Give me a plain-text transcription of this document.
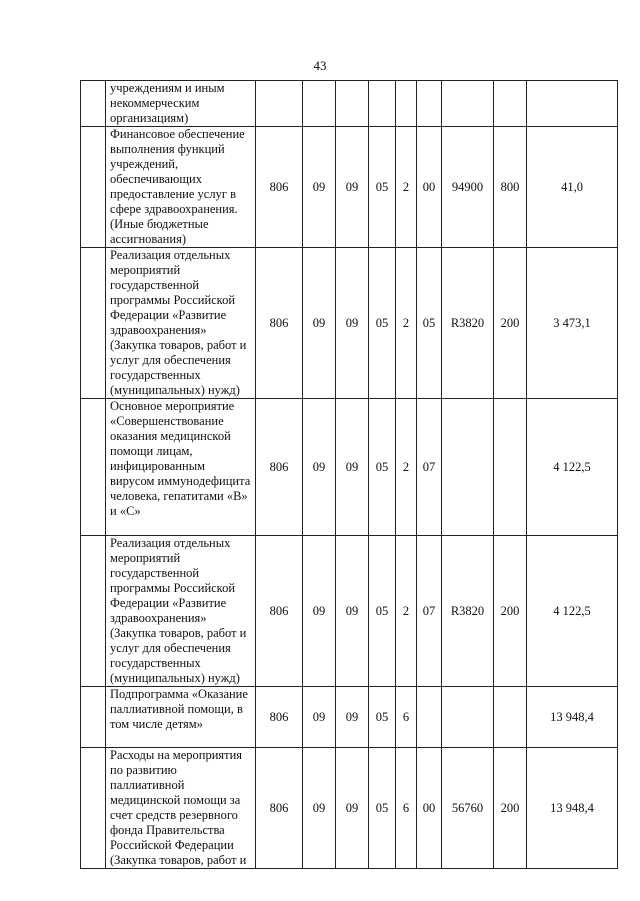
43
	учреждениям и иным некоммерческим организациям)									
	Финансовое обеспечение выполнения функций учреждений, обеспечивающих предоставление услуг в сфере здравоохранения. (Иные бюджетные ассигнования)	806	09	09	05	2	00	94900	800	41,0
	Реализация отдельных мероприятий государственной программы Российской Федерации «Развитие здравоохранения» (Закупка товаров, работ и услуг для обеспечения государственных (муниципальных) нужд)	806	09	09	05	2	05	R3820	200	3 473,1
	Основное мероприятие «Совершенствование оказания медицинской помощи лицам, инфицированным вирусом иммунодефицита человека, гепатитами «В» и «С»	806	09	09	05	2	07			4 122,5
	Реализация отдельных мероприятий государственной программы Российской Федерации «Развитие здравоохранения» (Закупка товаров, работ и услуг для обеспечения государственных (муниципальных) нужд)	806	09	09	05	2	07	R3820	200	4 122,5
	Подпрограмма «Оказание паллиативной помощи, в том числе детям»	806	09	09	05	6				13 948,4
	Расходы на мероприятия по развитию паллиативной медицинской помощи за счет средств резервного фонда Правительства Российской Федерации (Закупка товаров, работ и	806	09	09	05	6	00	56760	200	13 948,4
